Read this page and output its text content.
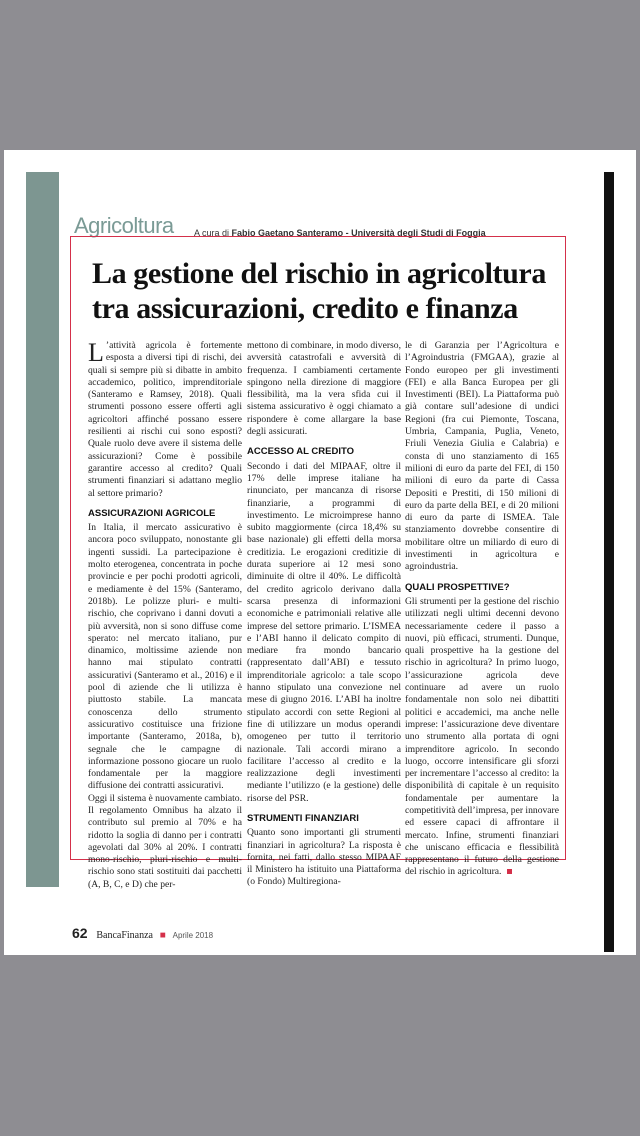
Agricoltura A cura di Fabio Gaetano Santeramo - Università degli Studi di Foggia
La gestione del rischio in agricoltura tra assicurazioni, credito e finanza

L ’attività agricola è fortemente esposta a diversi tipi di rischi, dei quali si sempre più si dibatte in ambito accademico, politico, imprenditoriale (Santeramo e Ramsey, 2018). Quali strumenti possono essere offerti agli agricoltori affinché possano essere resilienti ai rischi cui sono esposti? Quale ruolo deve avere il sistema delle assicurazioni? Come è possibile garantire accesso al credito? Quali strumenti finanziari si adattano meglio al settore primario?

ASSICURAZIONI AGRICOLE

In Italia, il mercato assicurativo è ancora poco sviluppato, nonostante gli ingenti sussidi. La partecipazione è molto eterogenea, concentrata in poche provincie e per pochi prodotti agricoli, e mediamente è del 15% (Santeramo, 2018b). Le polizze pluri- e multi-rischio, che coprivano i danni dovuti a più avversità, non si sono diffuse come sperato: nel mercato italiano, pur dinamico, moltissime aziende non hanno mai stipulato contratti assicurativi (Santeramo et al., 2016) e il pool di aziende che li utilizza è piuttosto stabile. La mancata conoscenza dello strumento assicurativo costituisce una frizione importante (Santeramo, 2018a, b), segnale che le campagne di informazione possono giocare un ruolo fondamentale per la maggiore diffusione dei contratti assicurativi.

Oggi il sistema è nuovamente cambiato. Il regolamento Omnibus ha alzato il contributo sul premio al 70% e ha ridotto la soglia di danno per i contratti agevolati dal 30% al 20%. I contratti mono-rischio, pluri-rischio e multi-rischio sono stati sostituiti dai pacchetti (A, B, C, e D) che per-

mettono di combinare, in modo diverso, avversità catastrofali e avversità di frequenza. I cambiamenti certamente spingono nella direzione di maggiore flessibilità, ma la vera sfida cui il sistema assicurativo è oggi chiamato a rispondere è come allargare la base degli assicurati.

ACCESSO AL CREDITO

Secondo i dati del MIPAAF, oltre il 17% delle imprese italiane ha rinunciato, per mancanza di risorse finanziarie, a programmi di investimento. Le microimprese hanno subito maggiormente (circa 18,4% su base nazionale) gli effetti della morsa creditizia. Le erogazioni creditizie di durata superiore ai 12 mesi sono diminuite di oltre il 40%. Le difficoltà del credito agricolo derivano dalla scarsa presenza di informazioni economiche e patrimoniali relative alle imprese del settore primario. L’ISMEA e l’ABI hanno il delicato compito di mediare fra mondo bancario (rappresentato dall’ABI) e tessuto imprenditoriale agricolo: a tale scopo hanno stipulato una convezione nel mese di giugno 2016. L’ABI ha inoltre stipulato accordi con sette Regioni al fine di utilizzare un modus operandi omogeneo per tutto il territorio nazionale. Tali accordi mirano a facilitare l’accesso al credito e la realizzazione degli investimenti mediante l’utilizzo (e la gestione) delle risorse del PSR.

STRUMENTI FINANZIARI

Quanto sono importanti gli strumenti finanziari in agricoltura? La risposta è fornita, nei fatti, dallo stesso MIPAAF il Ministero ha istituito una Piattaforma (o Fondo) Multiregiona-

le di Garanzia per l’Agricoltura e l’Agroindustria (FMGAA), grazie al Fondo europeo per gli investimenti (FEI) e alla Banca Europea per gli Investimenti (BEI). La Piattaforma può già contare sull’adesione di undici Regioni (fra cui Piemonte, Toscana, Umbria, Campania, Puglia, Veneto, Friuli Venezia Giulia e Calabria) e consta di uno stanziamento di 165 milioni di euro da parte del FEI, di 150 milioni di euro da parte di Cassa Depositi e Prestiti, di 150 milioni di euro da parte della BEI, e di 20 milioni di euro da parte di ISMEA. Tale stanziamento dovrebbe consentire di mobilitare oltre un miliardo di euro di investimenti in agricoltura e agroindustria.

QUALI PROSPETTIVE?

Gli strumenti per la gestione del rischio utilizzati negli ultimi decenni devono necessariamente cedere il passo a nuovi, più efficaci, strumenti. Dunque, quali prospettive ha la gestione del rischio in agricoltura? In primo luogo, l’assicurazione agricola deve continuare ad avere un ruolo fondamentale non solo nei dibattiti politici e accademici, ma anche nelle imprese: l’assicurazione deve diventare uno strumento alla portata di ogni imprenditore agricolo. In secondo luogo, occorre intensificare gli sforzi per incrementare l’accesso al credito: la disponibilità di capitale è un requisito fondamentale per aumentare la competitività dell’impresa, per innovare ed essere capaci di affrontare il mercato. Infine, strumenti finanziari che uniscano efficacia e flessibilità rappresentano il futuro della gestione del rischio in agricoltura.

62 BancaFinanza ■ Aprile 2018
